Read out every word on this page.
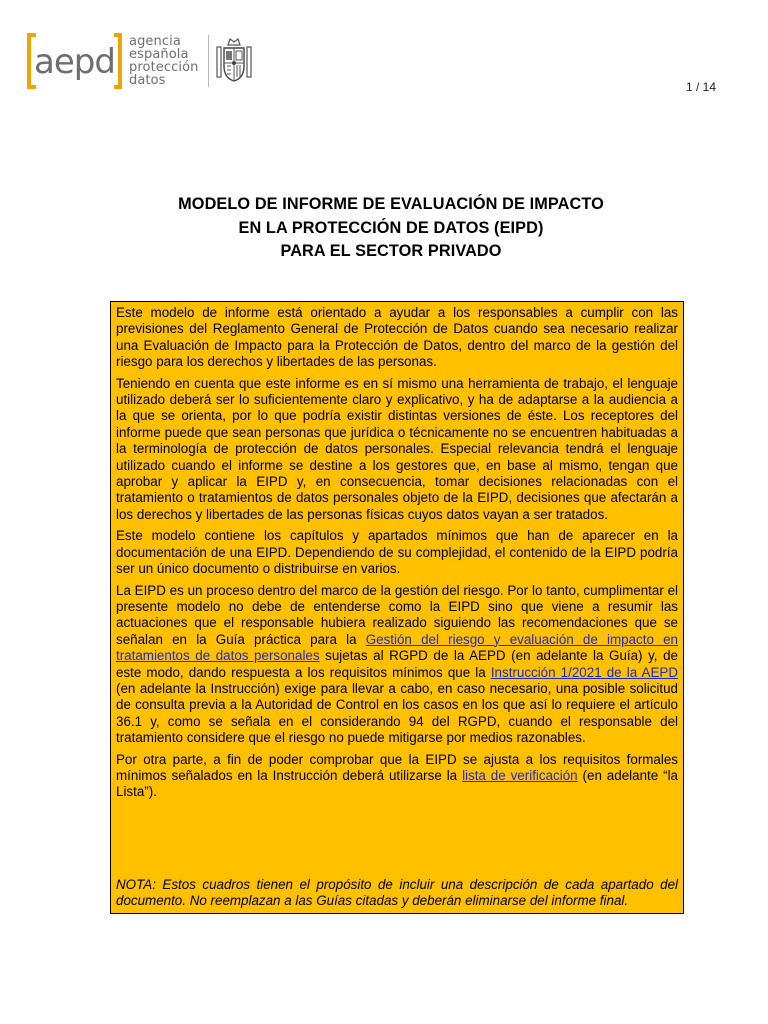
aepd
agencia
española
protección
datos	1 / 14
MODELO DE INFORME DE EVALUACIÓN DE IMPACTO
EN LA PROTECCIÓN DE DATOS (EIPD)
PARA EL SECTOR PRIVADO

Este modelo de informe está orientado a ayudar a los responsables a cumplir con las previsiones del Reglamento General de Protección de Datos cuando sea necesario realizar una Evaluación de Impacto para la Protección de Datos, dentro del marco de la gestión del riesgo para los derechos y libertades de las personas.

Teniendo en cuenta que este informe es en sí mismo una herramienta de trabajo, el lenguaje utilizado deberá ser lo suficientemente claro y explicativo, y ha de adaptarse a la audiencia a la que se orienta, por lo que podría existir distintas versiones de éste. Los receptores del informe puede que sean personas que jurídica o técnicamente no se encuentren habituadas a la terminología de protección de datos personales. Especial relevancia tendrá el lenguaje utilizado cuando el informe se destine a los gestores que, en base al mismo, tengan que aprobar y aplicar la EIPD y, en consecuencia, tomar decisiones relacionadas con el tratamiento o tratamientos de datos personales objeto de la EIPD, decisiones que afectarán a los derechos y libertades de las personas físicas cuyos datos vayan a ser tratados.

Este modelo contiene los capítulos y apartados mínimos que han de aparecer en la documentación de una EIPD. Dependiendo de su complejidad, el contenido de la EIPD podría ser un único documento o distribuirse en varios.

La EIPD es un proceso dentro del marco de la gestión del riesgo. Por lo tanto, cumplimentar el presente modelo no debe de entenderse como la EIPD sino que viene a resumir las actuaciones que el responsable hubiera realizado siguiendo las recomendaciones que se señalan en la Guía práctica para la Gestión del riesgo y evaluación de impacto en tratamientos de datos personales sujetas al RGPD de la AEPD (en adelante la Guía) y, de este modo, dando respuesta a los requisitos mínimos que la Instrucción 1/2021 de la AEPD (en adelante la Instrucción) exige para llevar a cabo, en caso necesario, una posible solicitud de consulta previa a la Autoridad de Control en los casos en los que así lo requiere el artículo 36.1 y, como se señala en el considerando 94 del RGPD, cuando el responsable del tratamiento considere que el riesgo no puede mitigarse por medios razonables.

Por otra parte, a fin de poder comprobar que la EIPD se ajusta a los requisitos formales mínimos señalados en la Instrucción deberá utilizarse la lista de verificación (en adelante “la Lista”).

NOTA: Estos cuadros tienen el propósito de incluir una descripción de cada apartado del documento. No reemplazan a las Guías citadas y deberán eliminarse del informe final.
